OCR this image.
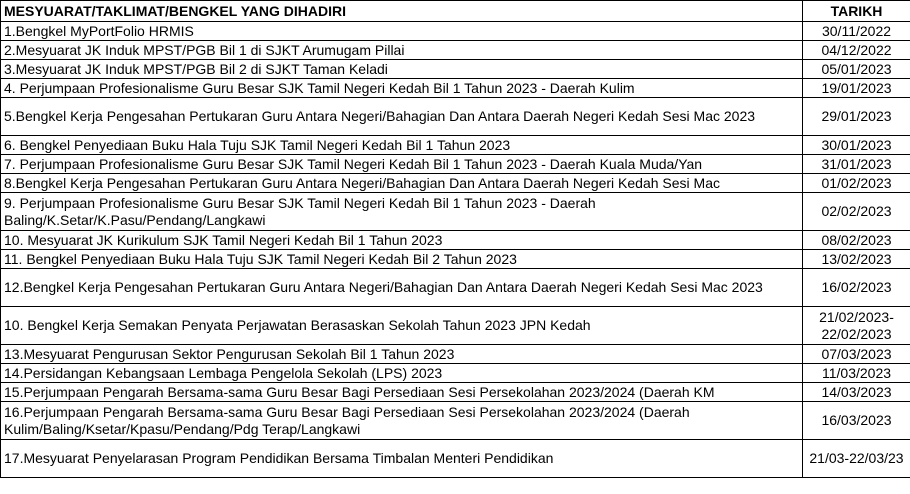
MESYUARAT/TAKLIMAT/BENGKEL YANG DIHADIRI	TARIKH
1.Bengkel MyPortFolio HRMIS	30/11/2022
2.Mesyuarat JK Induk MPST/PGB Bil 1 di SJKT Arumugam Pillai	04/12/2022
3.Mesyuarat JK Induk MPST/PGB Bil 2 di SJKT Taman Keladi	05/01/2023
4. Perjumpaan Profesionalisme Guru Besar SJK Tamil Negeri Kedah Bil 1 Tahun 2023 - Daerah Kulim	19/01/2023
5.Bengkel Kerja Pengesahan Pertukaran Guru Antara Negeri/Bahagian Dan Antara Daerah Negeri Kedah Sesi Mac 2023	29/01/2023
6. Bengkel Penyediaan Buku Hala Tuju SJK Tamil Negeri Kedah Bil 1 Tahun 2023	30/01/2023
7. Perjumpaan Profesionalisme Guru Besar SJK Tamil Negeri Kedah Bil 1 Tahun 2023 - Daerah Kuala Muda/Yan	31/01/2023
8.Bengkel Kerja Pengesahan Pertukaran Guru Antara Negeri/Bahagian Dan Antara Daerah Negeri Kedah Sesi Mac	01/02/2023
9. Perjumpaan Profesionalisme Guru Besar SJK Tamil Negeri Kedah Bil 1 Tahun 2023 - Daerah Baling/K.Setar/K.Pasu/Pendang/Langkawi	02/02/2023
10. Mesyuarat JK Kurikulum SJK Tamil Negeri Kedah Bil 1 Tahun 2023	08/02/2023
11. Bengkel Penyediaan Buku Hala Tuju SJK Tamil Negeri Kedah Bil 2 Tahun 2023	13/02/2023
12.Bengkel Kerja Pengesahan Pertukaran Guru Antara Negeri/Bahagian Dan Antara Daerah Negeri Kedah Sesi Mac 2023	16/02/2023
10. Bengkel Kerja Semakan Penyata Perjawatan Berasaskan Sekolah Tahun 2023 JPN Kedah	21/02/2023-22/02/2023
13.Mesyuarat Pengurusan Sektor Pengurusan Sekolah Bil 1 Tahun 2023	07/03/2023
14.Persidangan Kebangsaan Lembaga Pengelola Sekolah (LPS) 2023	11/03/2023
15.Perjumpaan Pengarah Bersama-sama Guru Besar Bagi Persediaan Sesi Persekolahan 2023/2024 (Daerah KM	14/03/2023
16.Perjumpaan Pengarah Bersama-sama Guru Besar Bagi Persediaan Sesi Persekolahan 2023/2024 (Daerah Kulim/Baling/Ksetar/Kpasu/Pendang/Pdg Terap/Langkawi	16/03/2023
17.Mesyuarat Penyelarasan Program Pendidikan Bersama Timbalan Menteri Pendidikan	21/03-22/03/23
